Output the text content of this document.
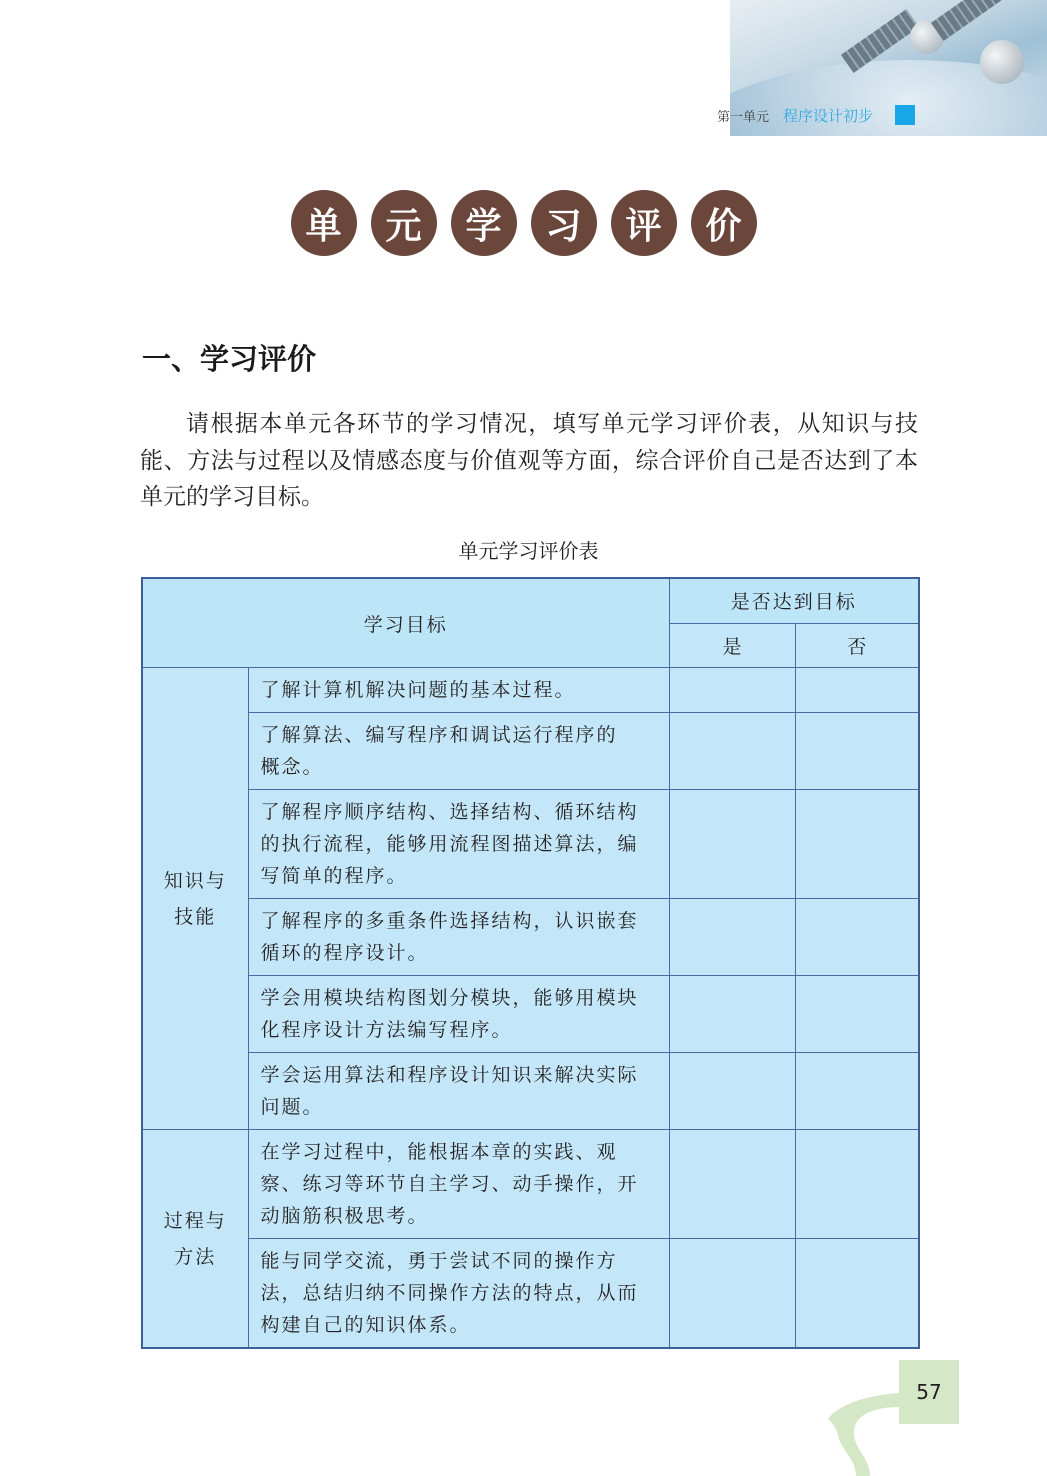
第一单元 程序设计初步
单	元	学	习	评	价
一、学习评价
请根据本单元各环节的学习情况，填写单元学习评价表，从知识与技能、方法与过程以及情感态度与价值观等方面，综合评价自己是否达到了本单元的学习目标。
单元学习评价表
学习目标		是否达到目标	
		是	否
知识与
技能	了解计算机解决问题的基本过程。		

	了解算法、编写程序和调试运行程序的
概念。		

	了解程序顺序结构、选择结构、循环结构
的执行流程，能够用流程图描述算法，编
写简单的程序。		

	了解程序的多重条件选择结构，认识嵌套
循环的程序设计。		

	学会用模块结构图划分模块，能够用模块
化程序设计方法编写程序。		

	学会运用算法和程序设计知识来解决实际
问题。		

过程与
方法	在学习过程中，能根据本章的实践、观
察、练习等环节自主学习、动手操作，开
动脑筋积极思考。		

	能与同学交流，勇于尝试不同的操作方
法，总结归纳不同操作方法的特点，从而
构建自己的知识体系。		

57
